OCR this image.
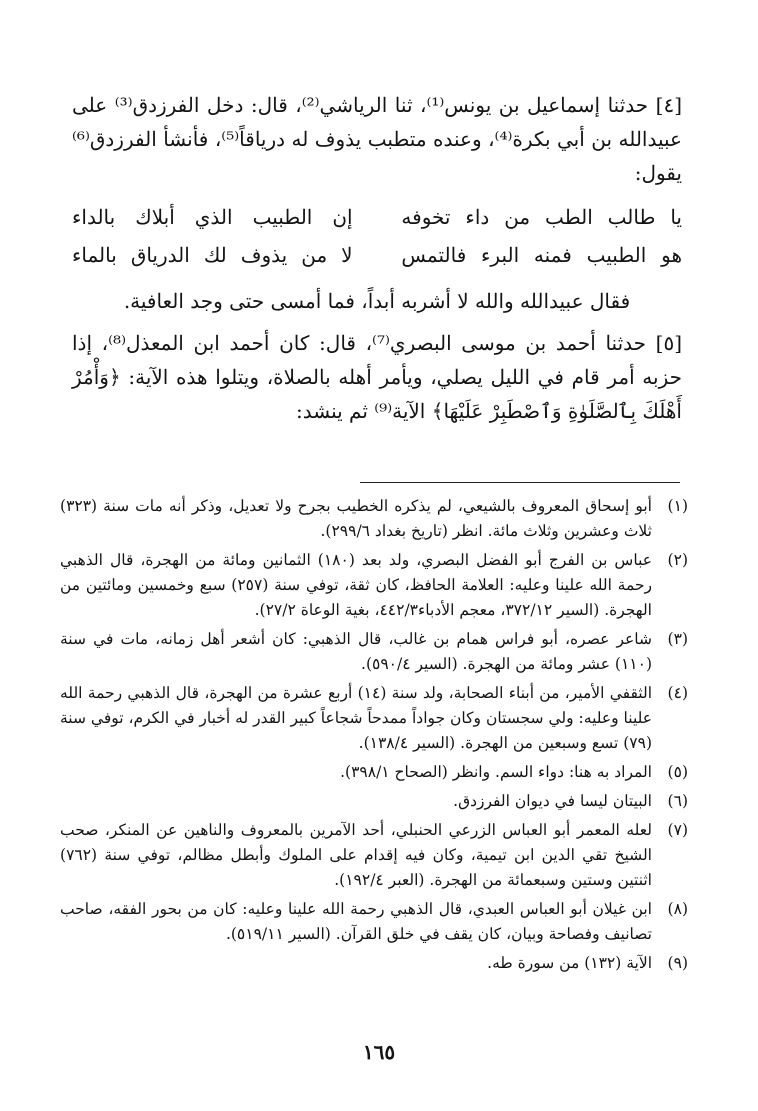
[٤] حدثنا إسماعيل بن يونس⁽¹⁾، ثنا الرياشي⁽²⁾، قال: دخل الفرزدق⁽³⁾ على عبيدالله بن أبي بكرة⁽⁴⁾، وعنده متطبب يذوف له درياقاً⁽⁵⁾، فأنشأ الفرزدق⁽⁶⁾ يقول:

يا طالب الطب من داء تخوفه
إن الطبيب الذي أبلاك بالداء
هو الطبيب فمنه البرء فالتمس
لا من يذوف لك الدرياق بالماء

فقال عبيدالله والله لا أشربه أبداً، فما أمسى حتى وجد العافية.

[٥] حدثنا أحمد بن موسى البصري⁽⁷⁾، قال: كان أحمد ابن المعذل⁽⁸⁾، إذا حزبه أمر قام في الليل يصلي، ويأمر أهله بالصلاة، ويتلوا هذه الآية: ﴿وَأْمُرْ أَهْلَكَ بِٱلصَّلَوٰةِ وَٱصْطَبِرْ عَلَيْهَا﴾ الآية⁽⁹⁾ ثم ينشد:

(١)
أبو إسحاق المعروف بالشيعي، لم يذكره الخطيب بجرح ولا تعديل، وذكر أنه مات سنة (٣٢٣) ثلاث وعشرين وثلاث مائة. انظر (تاريخ بغداد ٢٩٩/٦).
(٢)
عباس بن الفرج أبو الفضل البصري، ولد بعد (١٨٠) الثمانين ومائة من الهجرة، قال الذهبي رحمة الله علينا وعليه: العلامة الحافظ، كان ثقة، توفي سنة (٢٥٧) سبع وخمسين ومائتين من الهجرة. (السير ٣٧٢/١٢، معجم الأدباء٤٤٢/٣، بغية الوعاة ٢٧/٢).
(٣)
شاعر عصره، أبو فراس همام بن غالب، قال الذهبي: كان أشعر أهل زمانه، مات في سنة (١١٠) عشر ومائة من الهجرة. (السير ٥٩٠/٤).
(٤)
الثقفي الأمير، من أبناء الصحابة، ولد سنة (١٤) أربع عشرة من الهجرة، قال الذهبي رحمة الله علينا وعليه: ولي سجستان وكان جواداً ممدحاً شجاعاً كبير القدر له أخبار في الكرم، توفي سنة (٧٩) تسع وسبعين من الهجرة. (السير ١٣٨/٤).
(٥)
المراد به هنا: دواء السم. وانظر (الصحاح ٣٩٨/١).
(٦)
البيتان ليسا في ديوان الفرزدق.
(٧)
لعله المعمر أبو العباس الزرعي الحنبلي، أحد الآمرين بالمعروف والناهين عن المنكر، صحب الشيخ تقي الدين ابن تيمية، وكان فيه إقدام على الملوك وأبطل مظالم، توفي سنة (٧٦٢) اثنتين وستين وسبعمائة من الهجرة. (العبر ١٩٢/٤).
(٨)
ابن غيلان أبو العباس العبدي، قال الذهبي رحمة الله علينا وعليه: كان من بحور الفقه، صاحب تصانيف وفصاحة وبيان، كان يقف في خلق القرآن. (السير ٥١٩/١١).
(٩)
الآية (١٣٢) من سورة طه.
١٦٥
